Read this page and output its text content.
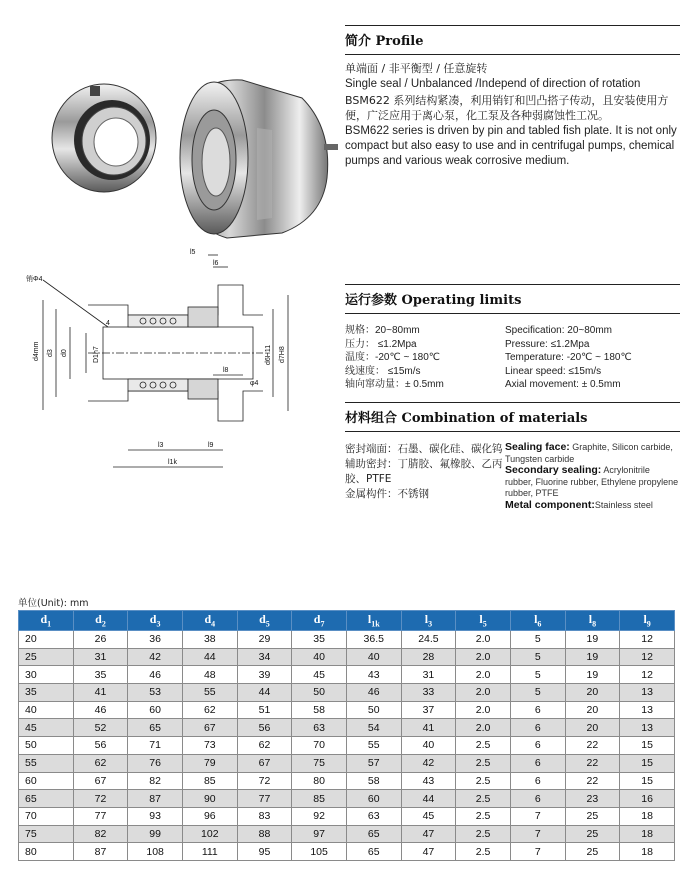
简介 Profile
单端面 / 非平衡型 / 任意旋转
Single seal / Unbalanced /Independ of direction of rotation
BSM622 系列结构紧凑，利用销钉和凹凸搭子传动，且安装使用方便，广泛应用于离心泵，化工泵及各种弱腐蚀性工况。
BSM622 series is driven by pin and tabled fish plate. It is not only compact but also easy to use and in centrifugal pumps, chemical pumps and various weak corrosive medium.
销Φ4
l5
l6
l8
l3	l9
l1k
d4mm d3 d0	D1h7	d6H11 d7H8
φ4
4
运行参数 Operating limits
规格：20~80mm	Specification: 20~80mm
压力： ≤1.2Mpa	Pressure: ≤1.2Mpa
温度：-20℃ ~ 180℃	Temperature: -20℃ ~ 180℃
线速度： ≤15m/s	Linear speed: ≤15m/s
轴向窜动量：± 0.5mm	Axial movement: ± 0.5mm
材料组合 Combination of materials
密封端面：石墨、碳化硅、碳化钨
辅助密封：丁腈胶、氟橡胶、乙丙胶、PTFE
金属构件：不锈钢
Sealing face: Graphite, Silicon carbide, Tungsten carbide
Secondary sealing: Acrylonitrile rubber, Fluorine rubber, Ethylene propylene rubber, PTFE
Metal component:Stainless steel
单位(Unit): mm
$d_1$	$d_2$	$d_3$	$d_4$	$d_5$	$d_7$	$l_{1k}$	$l_3$	$l_5$	$l_6$	$l_8$	$l_9$
20	26	36	38	29	35	36.5	24.5	2.0	5	19	12
25	31	42	44	34	40	40	28	2.0	5	19	12
30	35	46	48	39	45	43	31	2.0	5	19	12
35	41	53	55	44	50	46	33	2.0	5	20	13
40	46	60	62	51	58	50	37	2.0	6	20	13
45	52	65	67	56	63	54	41	2.0	6	20	13
50	56	71	73	62	70	55	40	2.5	6	22	15
55	62	76	79	67	75	57	42	2.5	6	22	15
60	67	82	85	72	80	58	43	2.5	6	22	15
65	72	87	90	77	85	60	44	2.5	6	23	16
70	77	93	96	83	92	63	45	2.5	7	25	18
75	82	99	102	88	97	65	47	2.5	7	25	18
80	87	108	111	95	105	65	47	2.5	7	25	18
